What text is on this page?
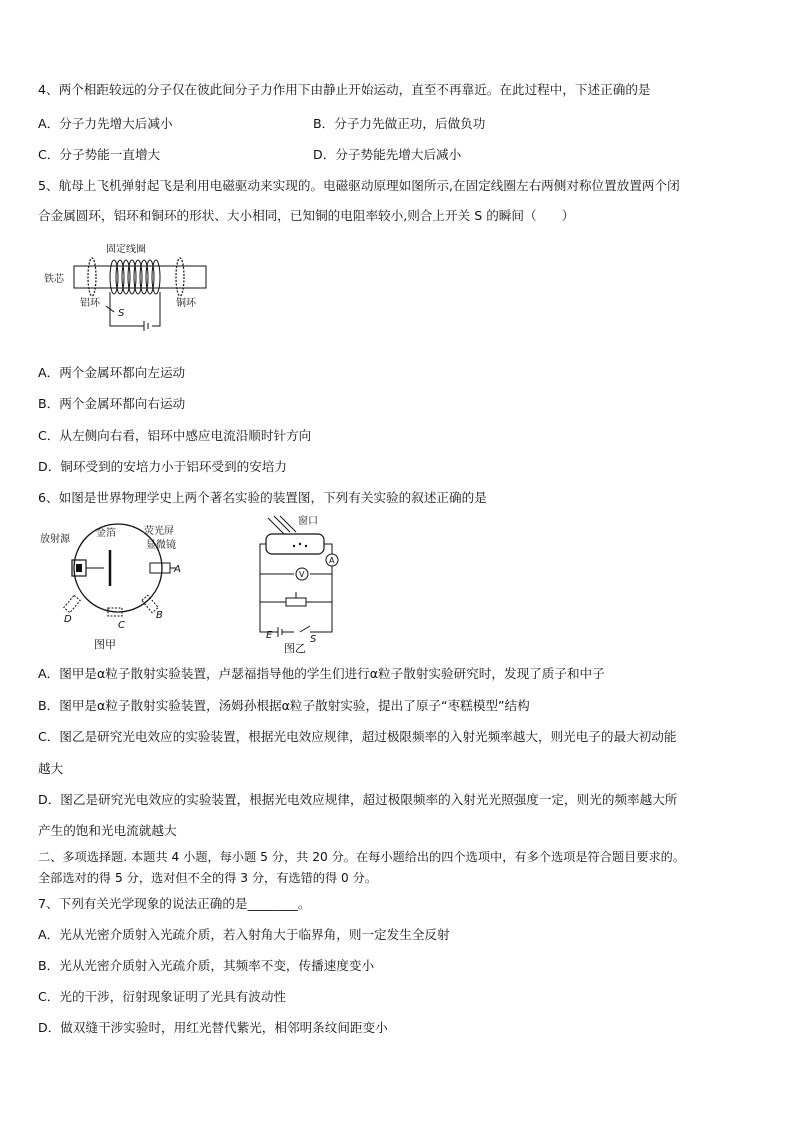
4、两个相距较远的分子仅在彼此间分子力作用下由静止开始运动，直至不再靠近。在此过程中，下述正确的是
A．分子力先增大后减小	B．分子力先做正功，后做负功
C．分子势能一直增大	D．分子势能先增大后减小
5、航母上飞机弹射起飞是利用电磁驱动来实现的。电磁驱动原理如图所示,在固定线圈左右两侧对称位置放置两个闭
合金属圆环，铝环和铜环的形状、大小相同，已知铜的电阻率较小,则合上开关 S 的瞬间（　　）
固定线圈
铁芯
铝环	铜环
S
A．两个金属环都向左运动
B．两个金属环都向右运动
C．从左侧向右看，铝环中感应电流沿顺时针方向
D．铜环受到的安培力小于铝环受到的安培力
6、如图是世界物理学史上两个著名实验的装置图，下列有关实验的叙述正确的是
放射源
金箔	荧光屏
显微镜
A
B
C
D
图甲
窗口
V
A
E	S
图乙
A．图甲是α粒子散射实验装置，卢瑟福指导他的学生们进行α粒子散射实验研究时，发现了质子和中子
B．图甲是α粒子散射实验装置，汤姆孙根据α粒子散射实验，提出了原子“枣糕模型”结构
C．图乙是研究光电效应的实验装置，根据光电效应规律，超过极限频率的入射光频率越大，则光电子的最大初动能
越大
D．图乙是研究光电效应的实验装置，根据光电效应规律，超过极限频率的入射光光照强度一定，则光的频率越大所
产生的饱和光电流就越大
二、多项选择题. 本题共 4 小题，每小题 5 分，共 20 分。在每小题给出的四个选项中，有多个选项是符合题目要求的。
全部选对的得 5 分，选对但不全的得 3 分，有选错的得 0 分。
7、下列有关光学现象的说法正确的是________。
A．光从光密介质射入光疏介质，若入射角大于临界角，则一定发生全反射
B．光从光密介质射入光疏介质，其频率不变，传播速度变小
C．光的干涉，衍射现象证明了光具有波动性
D．做双缝干涉实验时，用红光替代紫光，相邻明条纹间距变小
